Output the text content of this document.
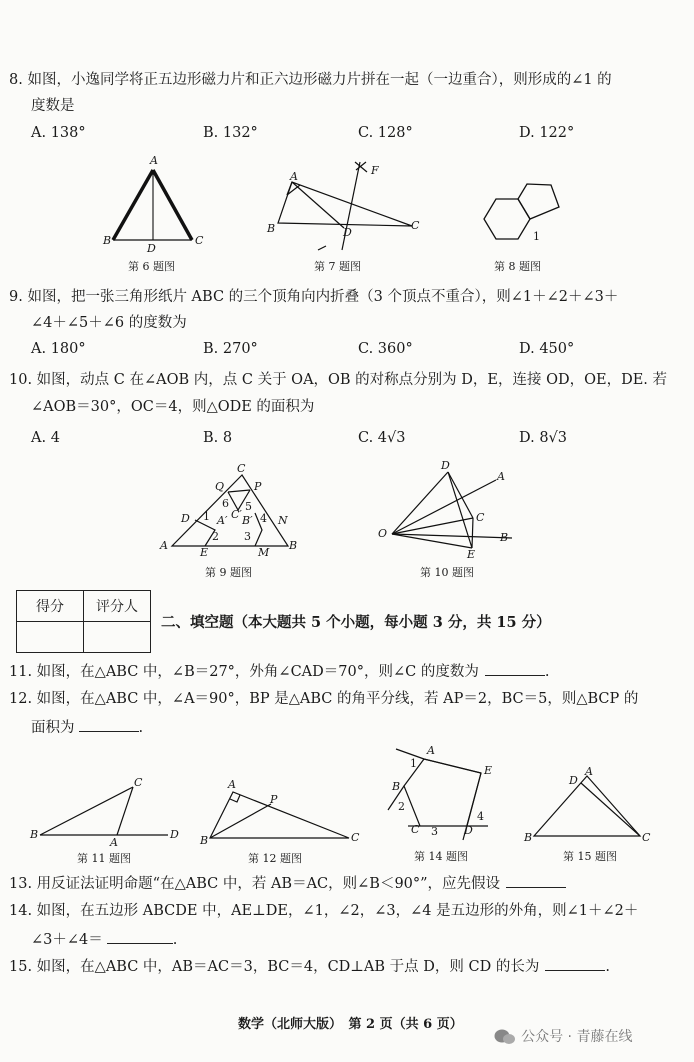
8. 如图，小逸同学将正五边形磁力片和正六边形磁力片拼在一起（一边重合），则形成的∠1 的
度数是
A. 138°	B. 132°	C. 128°	D. 122°
第 6 题图	第 7 题图	第 8 题图
A
B	C
D
A
B	C
D
F
1
9. 如图，把一张三角形纸片 ABC 的三个顶角向内折叠（3 个顶点不重合），则∠1＋∠2＋∠3＋
∠4＋∠5＋∠6 的度数为
A. 180°	B. 270°	C. 360°	D. 450°
10. 如图，动点 C 在∠AOB 内，点 C 关于 OA，OB 的对称点分别为 D，E，连接 OD，OE，DE. 若
∠AOB＝30°，OC＝4，则△ODE 的面积为
A. 4	B. 8	C. 4√3	D. 8√3
第 9 题图	第 10 题图
C
Q	P
D	N
A
E	M
B
A′ B′
C′
1
2 3
4
5
6
D
A
O
C
E
B
得分	评分人

二、填空题（本大题共 5 个小题，每小题 3 分，共 15 分）
11. 如图，在△ABC 中，∠B＝27°，外角∠CAD＝70°，则∠C 的度数为	.
12. 如图，在△ABC 中，∠A＝90°，BP 是△ABC 的角平分线，若 AP＝2，BC＝5，则△BCP 的
面积为	.
第 11 题图	第 12 题图	第 14 题图	第 15 题图
C
B
A
D
A
P
B	C
A
E
B
C	D
1
2
3
4
D
A
B	C
13. 用反证法证明命题“在△ABC 中，若 AB＝AC，则∠B＜90°”，应先假设
14. 如图，在五边形 ABCDE 中，AE⊥DE，∠1，∠2，∠3，∠4 是五边形的外角，则∠1＋∠2＋
∠3＋∠4＝	.
15. 如图，在△ABC 中，AB＝AC＝3，BC＝4，CD⊥AB 于点 D，则 CD 的长为	.
数学（北师大版）　第 2 页（共 6 页）
公众号 · 青藤在线
